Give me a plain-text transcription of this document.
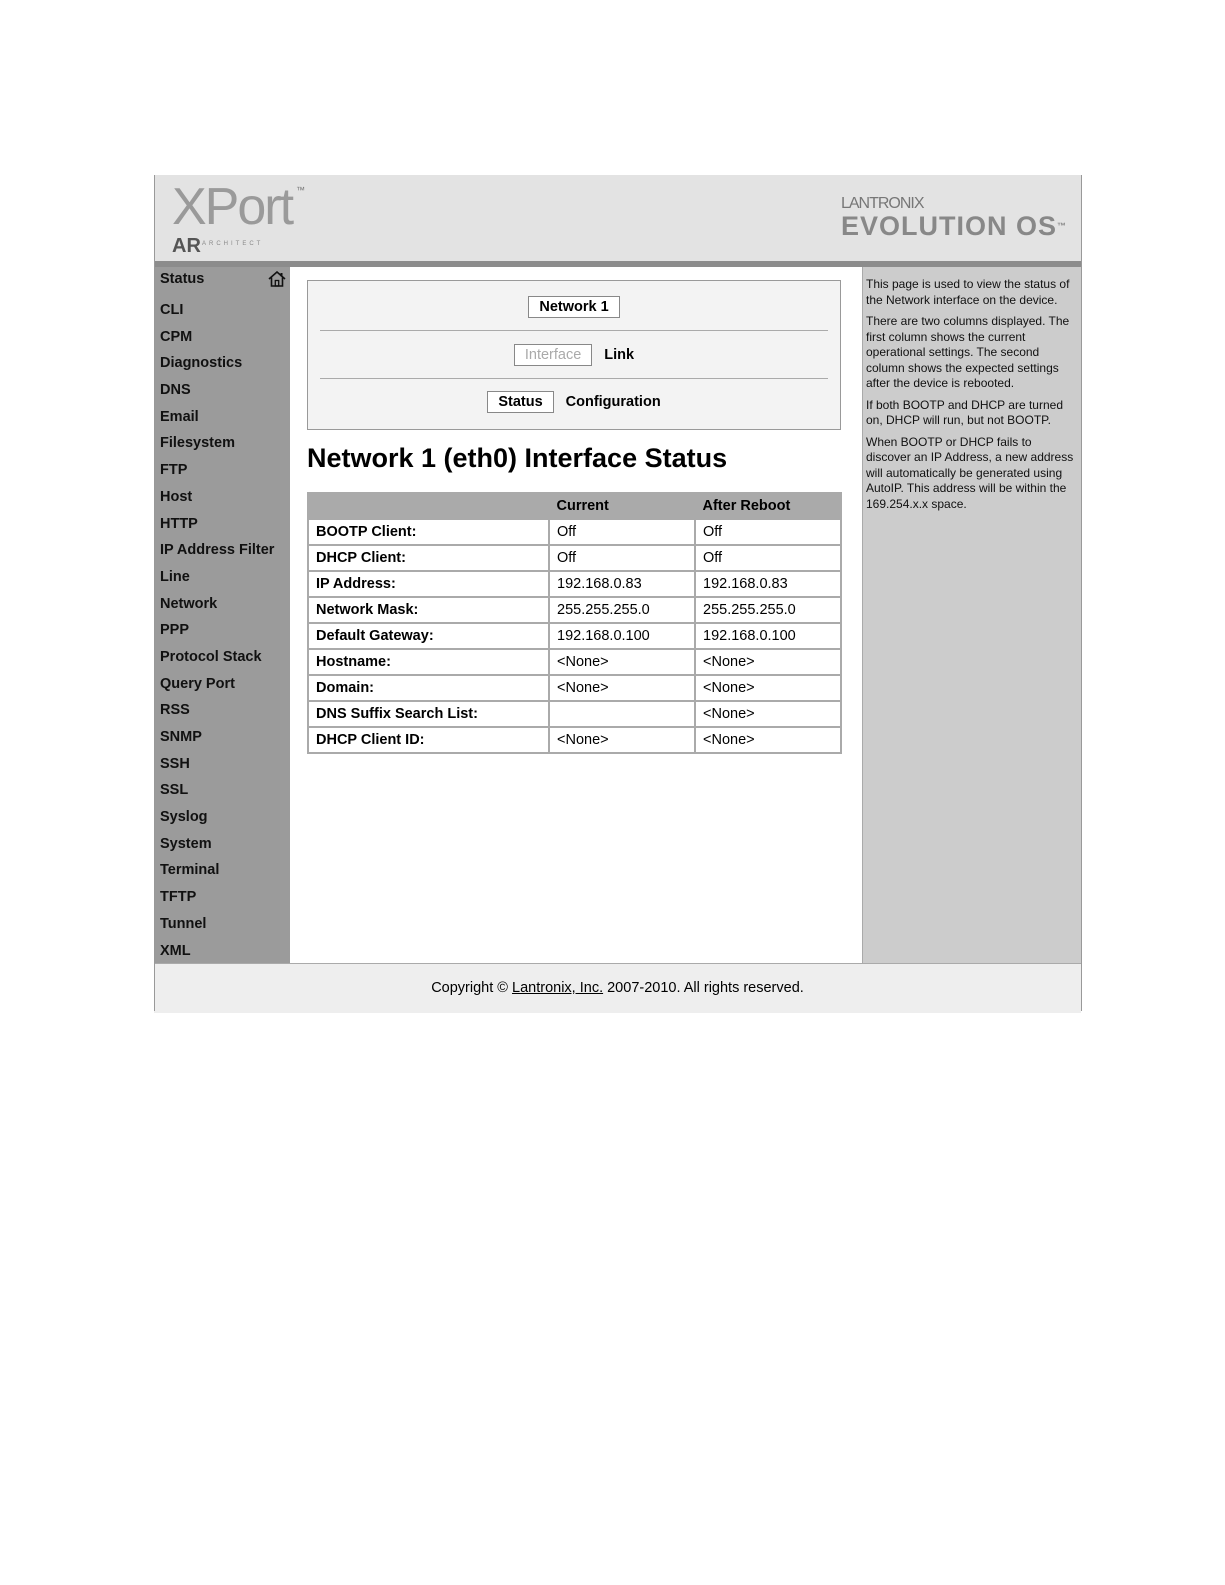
XPort ™
AR ARCHITECT
LANTRONIX
EVOLUTION OS™
Status
CLI
CPM
Diagnostics
DNS
Email
Filesystem
FTP
Host
HTTP
IP Address Filter
Line
Network
PPP
Protocol Stack
Query Port
RSS
SNMP
SSH
SSL
Syslog
System
Terminal
TFTP
Tunnel
XML
Network 1
Interface Link
Status Configuration
Network 1 (eth0) Interface Status
	Current	After Reboot
BOOTP Client:	Off	Off
DHCP Client:	Off	Off
IP Address:	192.168.0.83	192.168.0.83
Network Mask:	255.255.255.0	255.255.255.0
Default Gateway:	192.168.0.100	192.168.0.100
Hostname:	<None>	<None>
Domain:	<None>	<None>
DNS Suffix Search List:		<None>
DHCP Client ID:	<None>	<None>

This page is used to view the status of the Network interface on the device.

There are two columns displayed. The first column shows the current operational settings. The second column shows the expected settings after the device is rebooted.

If both BOOTP and DHCP are turned on, DHCP will run, but not BOOTP.

When BOOTP or DHCP fails to discover an IP Address, a new address will automatically be generated using AutoIP. This address will be within the 169.254.x.x space.

Copyright © Lantronix, Inc. 2007-2010. All rights reserved.
